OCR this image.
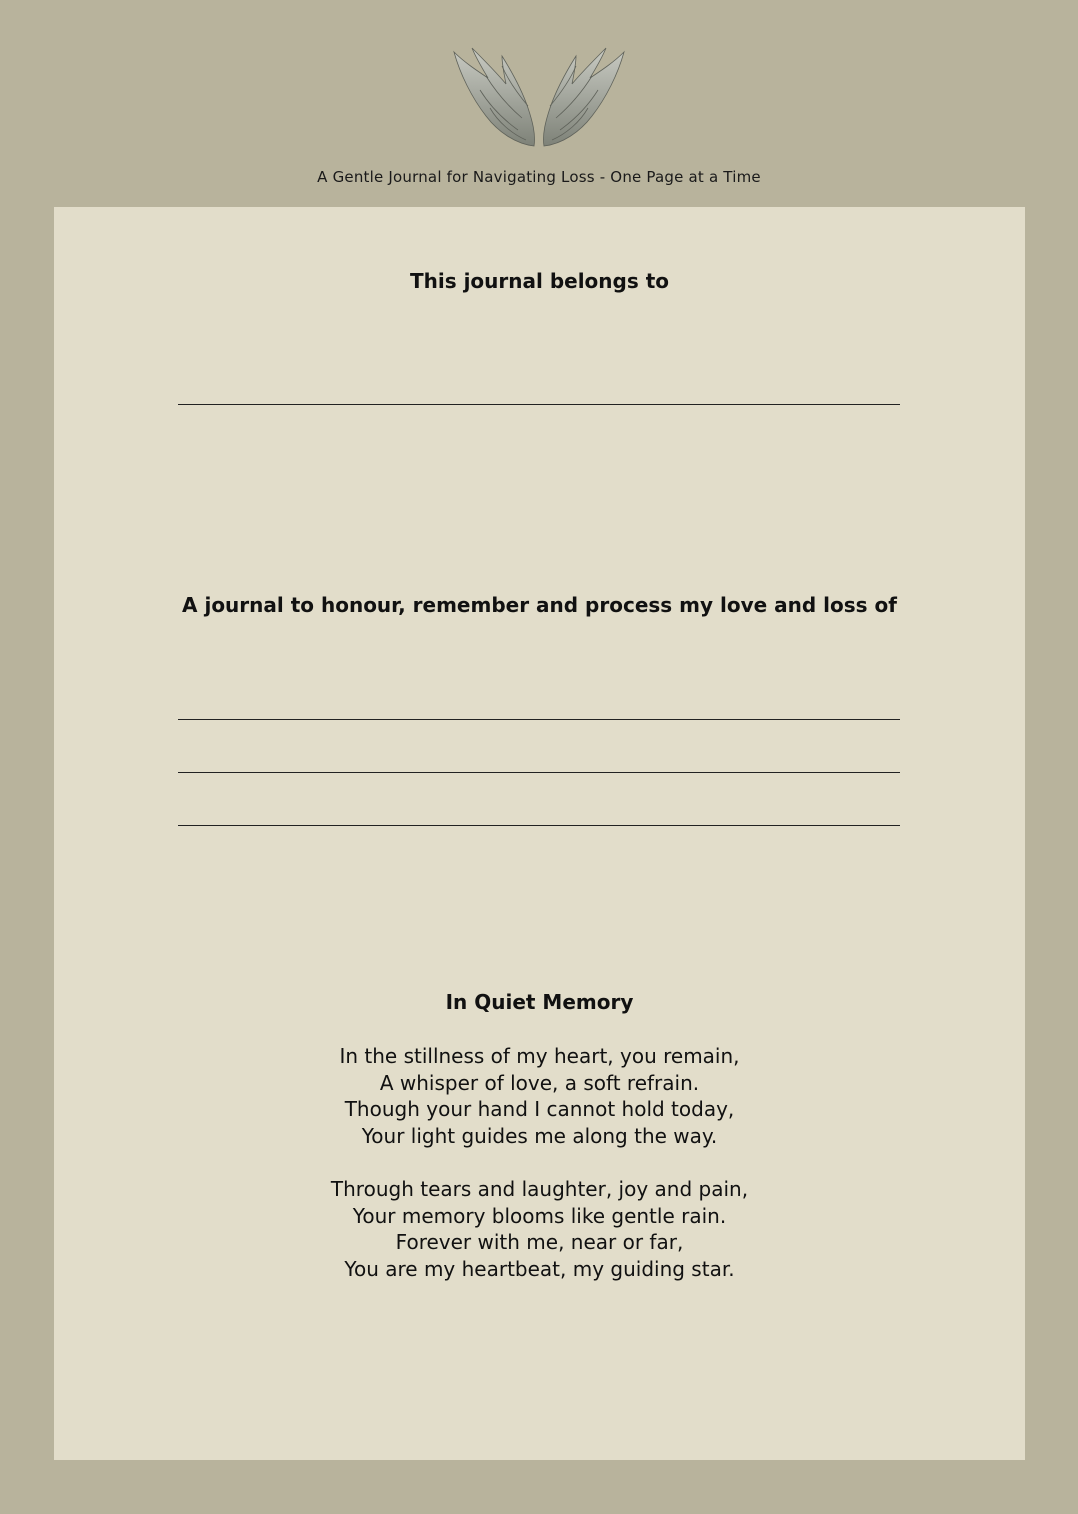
A Gentle Journal for Navigating Loss - One Page at a Time
This journal belongs to
A journal to honour, remember and process my love and loss of
In Quiet Memory
In the stillness of my heart, you remain,
A whisper of love, a soft refrain.
Though your hand I cannot hold today,
Your light guides me along the way.
Through tears and laughter, joy and pain,
Your memory blooms like gentle rain.
Forever with me, near or far,
You are my heartbeat, my guiding star.
